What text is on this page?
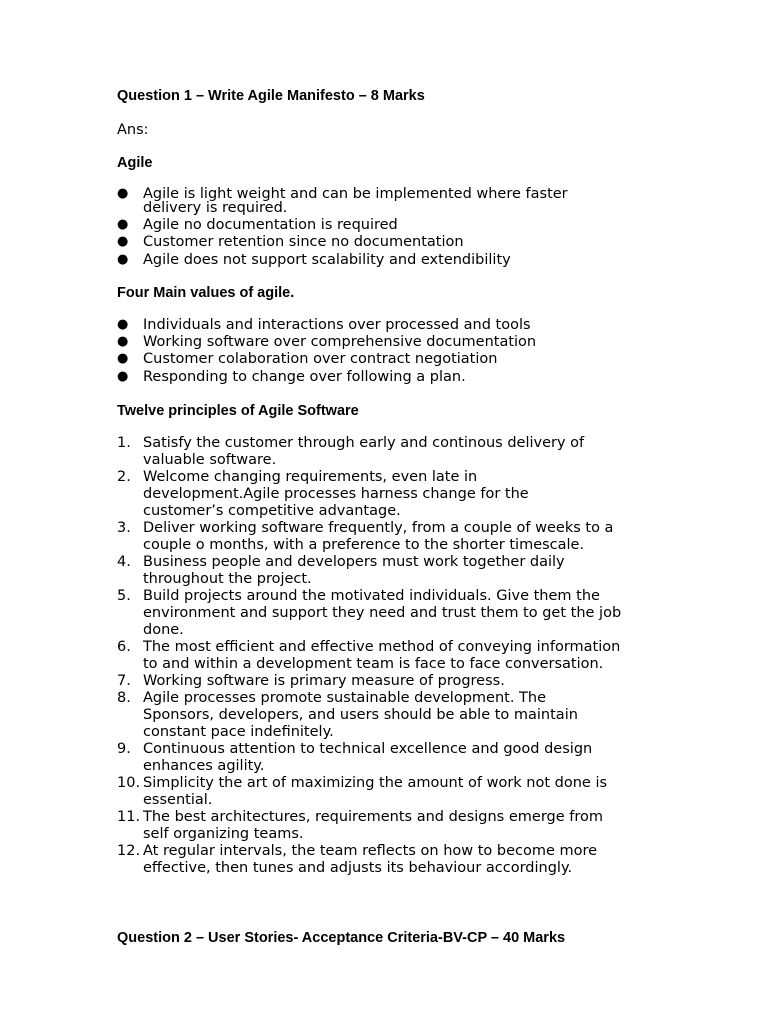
Question 1 – Write Agile Manifesto – 8 Marks
Ans:
Agile
● Agile is light weight and can be implemented where faster delivery is required.
● Agile no documentation is required
● Customer retention since no documentation
● Agile does not support scalability and extendibility
Four Main values of agile.
● Individuals and interactions over processed and tools
● Working software over comprehensive documentation
● Customer colaboration over contract negotiation
● Responding to change over following a plan.
Twelve principles of Agile Software
1. Satisfy the customer through early and continous delivery of valuable software.
2. Welcome changing requirements, even late in development.Agile processes harness change for the customer’s competitive advantage.
3. Deliver working software frequently, from a couple of weeks to a couple o months, with a preference to the shorter timescale.
4. Business people and developers must work together daily throughout the project.
5. Build projects around the motivated individuals. Give them the environment and support they need and trust them to get the job done.
6. The most efficient and effective method of conveying information to and within a development team is face to face conversation.
7. Working software is primary measure of progress.
8. Agile processes promote sustainable development. The Sponsors, developers, and users should be able to maintain constant pace indefinitely.
9. Continuous attention to technical excellence and good design enhances agility.
10. Simplicity the art of maximizing the amount of work not done is essential.
11. The best architectures, requirements and designs emerge from self organizing teams.
12. At regular intervals, the team reflects on how to become more effective, then tunes and adjusts its behaviour accordingly.
Question 2 – User Stories- Acceptance Criteria-BV-CP – 40 Marks
